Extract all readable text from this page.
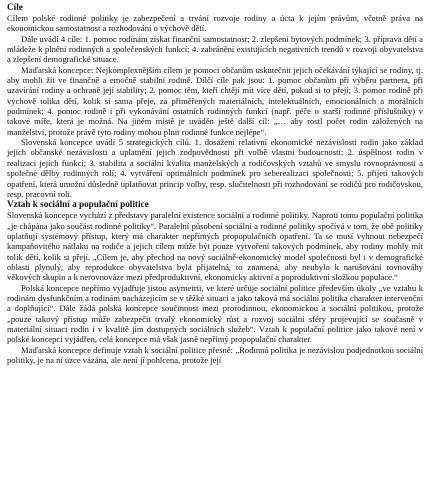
Cíle

Cílem polské rodinné politiky je zabezpečení a trvání rozvoje rodiny a úcta k jejím právům, včetně práva na ekonomickou samostatnost a rozhodování o výchově dětí.

Dále uvádí 4 cíle: 1. pomoc rodinám získat finanční samostatnost; 2. zlepšení bytových podmínek; 3. příprava dětí a mládeže k plnění rodinných a společenských funkcí; 4. zabránění existujících negativních trendů v rozvoji obyvatelstva a zlepšení demografické situace.

Maďarská koncepce: Nejkomplexnějším cílem je pomoci občanům uskutečnit jejich očekávání týkající se rodiny, tj. aby mohli žít ve finančně a emočně stabilní rodině. Dílčí cíle pak jsou: 1. pomoc občanům při výběru partnera, při uzavírání rodiny a ochraně její stability; 2. pomoc těm, kteří chtějí mít více dětí, pokud si to přejí; 3. pomoc rodině při výchově tolika dětí, kolik si sama přeje, za přiměřených materiálních, intelektuálních, emocionálních a morálních podmínek; 4. pomoc rodině i při vykonávání ostatních rodinných funkcí (např. péče o starší rodinné příslušníky) v takové míře, která je možná. Na jiném místě je uváděn ještě další cíl: „… aby rostl počet rodin založených na manželství, protože právě tyto rodiny mohou plnit rodinné funkce nejlépe“.

Slovenská koncepce uvádí 5 strategických cílů. 1. dosažení relativní ekonomické nezávislosti rodin jako základ jejich občanské nezávislosti a uplatnění jejich zodpovědnosti při volbě vlastní budoucnosti; 2. úspěšnost rodin v realizaci jejích funkcí; 3. stabilita a sociální kvalita manželských a rodičovských vztahů ve smyslu rovnoprávnosti a společné dělby rodinných rolí; 4. vytváření optimálních podmínek pro seberealizaci společnosti; 5. přijetí takových opatření, která umožní důsledně uplatňovat princip volby, resp. slučitelnosti při rozhodování se rodičů pro rodičovskou, resp. pracovní roli.

Vztah k sociální a populační politice

Slovenská koncepce vychází z představy paralelní existence sociální a rodinné politiky. Naproti tomu populační politika „je chápána jako součást rodinné politiky“. Paralelní působení sociální a rodinné politiky spočívá v tom, že obě politiky uplatňují systémový přístup, který má charakter nepřímých propopulačních opatření. Ta se musí vyhnout nebezpečí kampaňovitého nátlaku na rodiče a jejich cílem může být pouze vytvoření takových podmínek, aby rodiny mohly mít tolik dětí, kolik si přejí. „Cílem je, aby přechod na nový sociálně-ekonomický model společnosti byl i v demografické oblasti plynulý, aby reprodukce obyvatelstva byla přijatelná, to znamená, aby neubylo k narušování rovnováhy věkových skupin a k nerovnováze mezi předproduktivní, ekonomicky aktivní a poproduktivní složkou populace.“

Polská koncepce nepřímo vyjadřuje jistou asymetrii, ve které určuje sociální politice především úkoly „ve vztahu k rodinám dysfunkčním a rodinám nacházejícím se v těžké situaci a jako taková má sociální politika charakter intervenční a doplňující“. Dále žádá polská koncepce součinnost mezi prorodinnou, ekonomickou a sociální politikou, protože „pouze takový přístup může zabezpečit trvalý ekonomický růst a rozvoj sociální sféry projevující se současně v materiální situaci rodin i v kvalitě jím dostupných sociálních služeb“. Vztah k populační politice jako takové není v polské koncepci vyjádřen, celá koncepce má však jasně nepřímý propopulační charakter.

Maďarská koncepce definuje vztah k sociální politice přesně: „Rodinná politika je nezávislou podjednotkou sociální politiky, je na ní úzce vázána, ale není jí pohlcena, protože její
